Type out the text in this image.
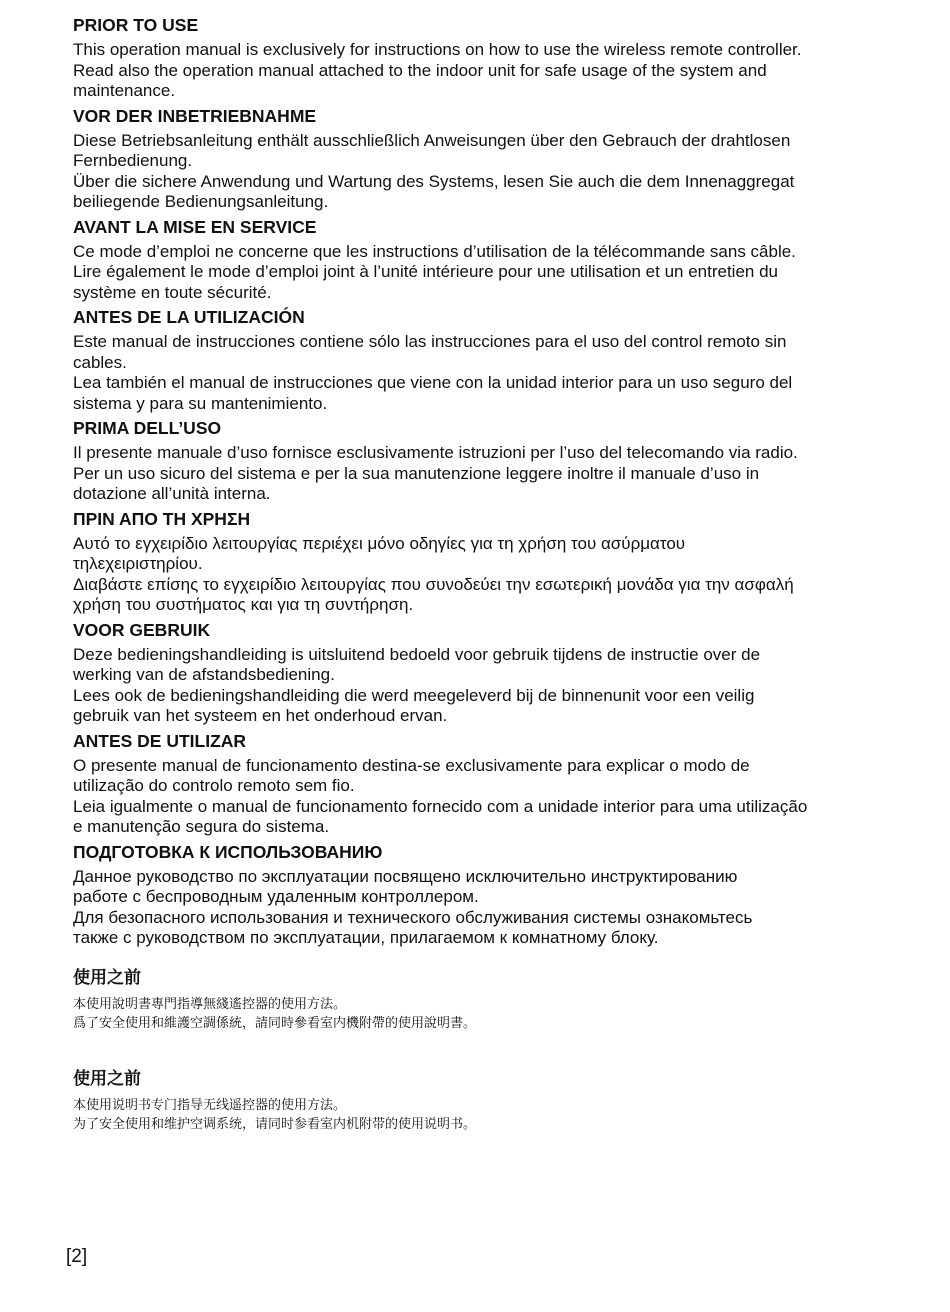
PRIOR TO USE

This operation manual is exclusively for instructions on how to use the wireless remote controller.
Read also the operation manual attached to the indoor unit for safe usage of the system and
maintenance.

VOR DER INBETRIEBNAHME

Diese Betriebsanleitung enthält ausschließlich Anweisungen über den Gebrauch der drahtlosen
Fernbedienung.
Über die sichere Anwendung und Wartung des Systems, lesen Sie auch die dem Innenaggregat
beiliegende Bedienungsanleitung.

AVANT LA MISE EN SERVICE

Ce mode d’emploi ne concerne que les instructions d’utilisation de la télécommande sans câble.
Lire également le mode d’emploi joint à l’unité intérieure pour une utilisation et un entretien du
système en toute sécurité.

ANTES DE LA UTILIZACIÓN

Este manual de instrucciones contiene sólo las instrucciones para el uso del control remoto sin
cables.
Lea también el manual de instrucciones que viene con la unidad interior para un uso seguro del
sistema y para su mantenimiento.

PRIMA DELL’USO

Il presente manuale d’uso fornisce esclusivamente istruzioni per l’uso del telecomando via radio.
Per un uso sicuro del sistema e per la sua manutenzione leggere inoltre il manuale d’uso in
dotazione all’unità interna.

ΠΡΙΝ ΑΠΟ ΤΗ ΧΡΗΣΗ

Αυτό το εγχειρίδιο λειτουργίας περιέχει μόνο οδηγίες για τη χρήση του ασύρματου
τηλεχειριστηρίου.
Διαβάστε επίσης το εγχειρίδιο λειτουργίας που συνοδεύει την εσωτερική μονάδα για την ασφαλή
χρήση του συστήματος και για τη συντήρηση.

VOOR GEBRUIK

Deze bedieningshandleiding is uitsluitend bedoeld voor gebruik tijdens de instructie over de
werking van de afstandsbediening.
Lees ook de bedieningshandleiding die werd meegeleverd bij de binnenunit voor een veilig
gebruik van het systeem en het onderhoud ervan.

ANTES DE UTILIZAR

O presente manual de funcionamento destina-se exclusivamente para explicar o modo de
utilização do controlo remoto sem fio.
Leia igualmente o manual de funcionamento fornecido com a unidade interior para uma utilização
e manutenção segura do sistema.

ПОДГОТОВКА К ИСПОЛЬЗОВАНИЮ

Данное руководство по эксплуатации посвящено исключительно инструктированию
работе с беспроводным удаленным контроллером.
Для безопасного использования и технического обслуживания системы ознакомьтесь
также с руководством по эксплуатации, прилагаемом к комнатному блоку.

使用之前

本使用說明書專門指導無綫遙控器的使用方法。
爲了安全使用和維護空調係統，請同時參看室内機附帶的使用說明書。

使用之前

本使用说明书专门指导无线遥控器的使用方法。
为了安全使用和维护空调系统，请同时参看室内机附带的使用说明书。

[2]
